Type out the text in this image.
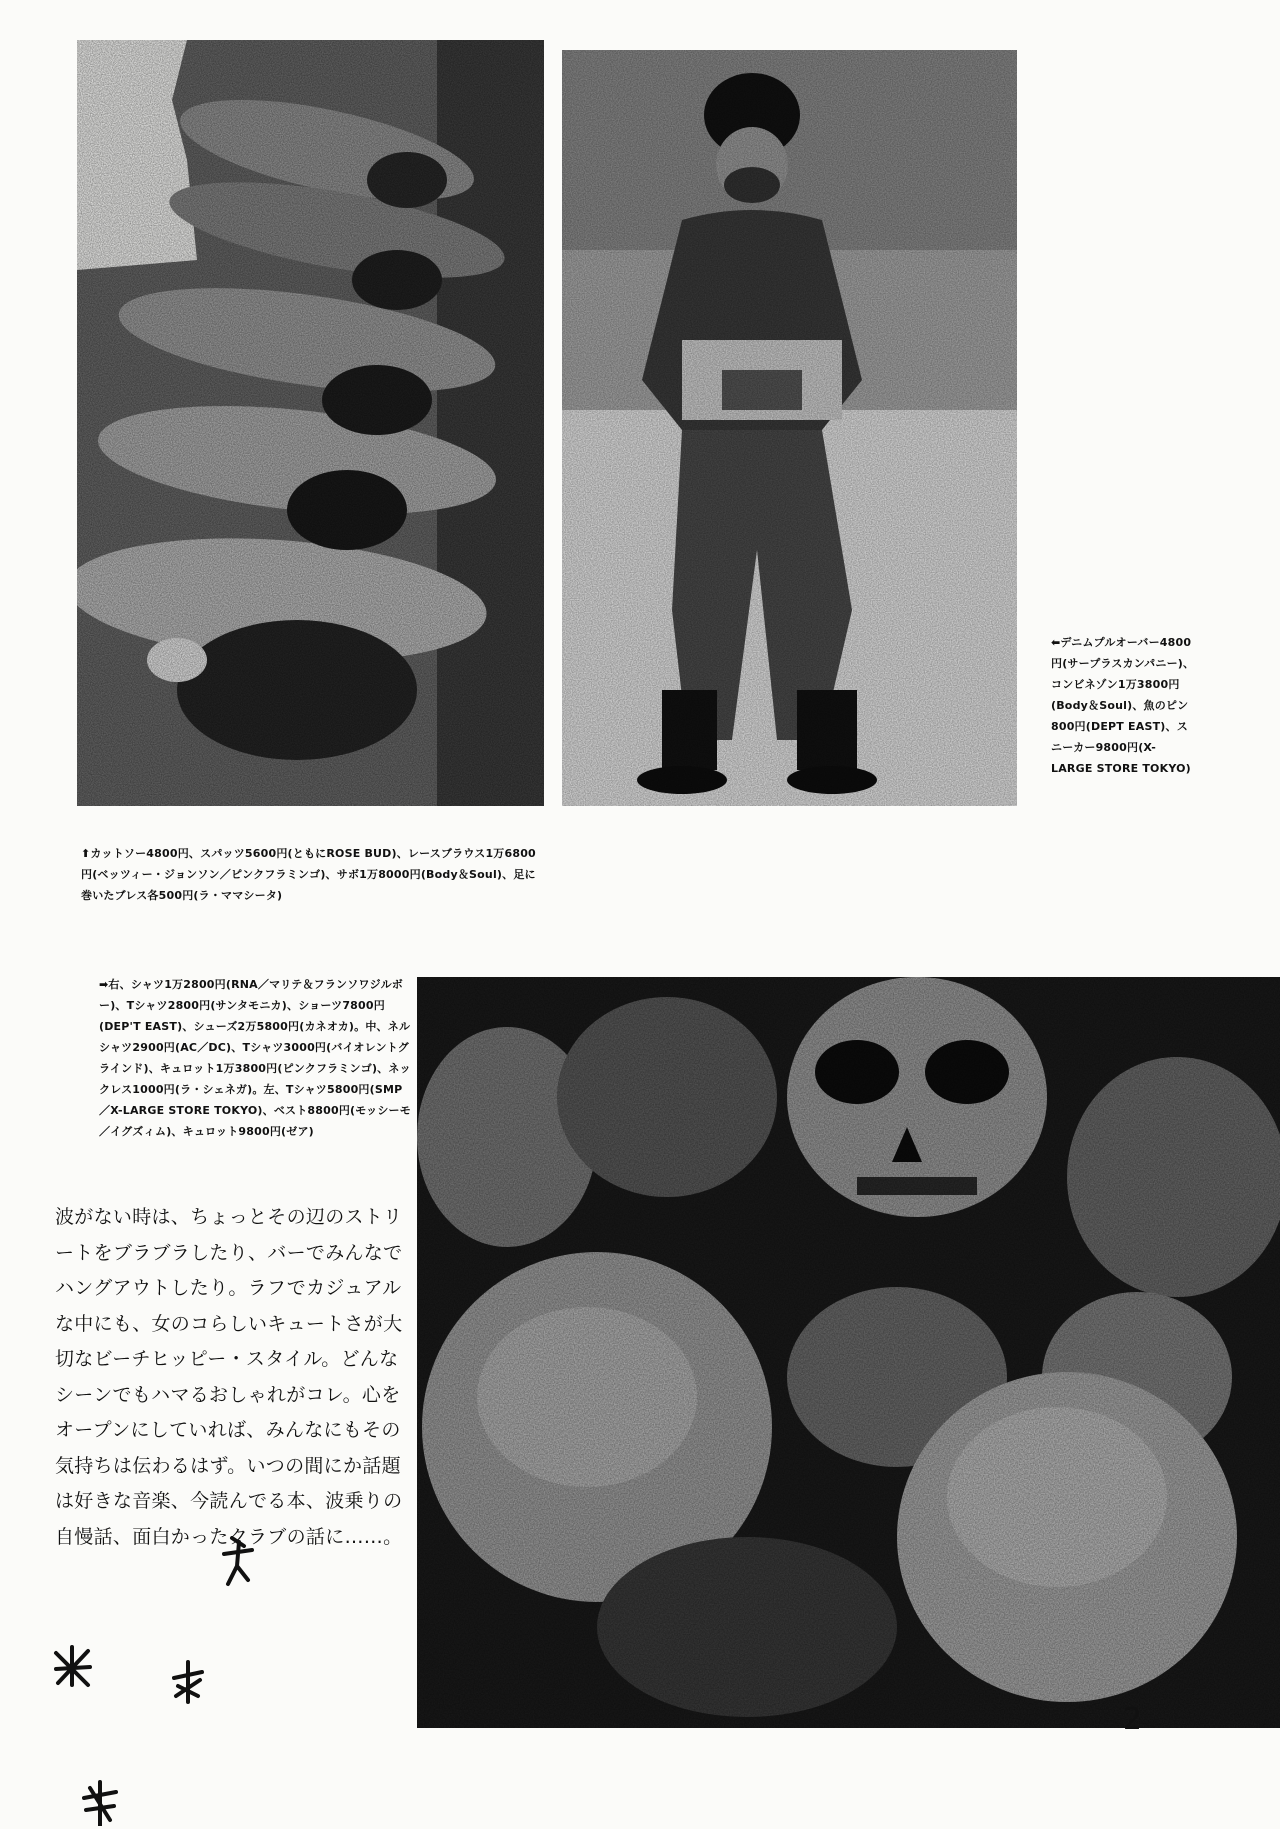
⬅デニムプルオーバー4800円(サープラスカンパニー)、コンビネゾン1万3800円(Body＆Soul)、魚のピン800円(DEPT EAST)、スニーカー9800円(X-LARGE STORE TOKYO)
⬆カットソー4800円、スパッツ5600円(ともにROSE BUD)、レースブラウス1万6800円(ベッツィー・ジョンソン／ピンクフラミンゴ)、サボ1万8000円(Body＆Soul)、足に巻いたブレス各500円(ラ・ママシータ)
➡右、シャツ1万2800円(RNA／マリテ＆フランソワジルボー)、Tシャツ2800円(サンタモニカ)、ショーツ7800円(DEP'T EAST)、シューズ2万5800円(カネオカ)。中、ネルシャツ2900円(AC／DC)、Tシャツ3000円(バイオレントグラインド)、キュロット1万3800円(ピンクフラミンゴ)、ネックレス1000円(ラ・シェネガ)。左、Tシャツ5800円(SMP／X-LARGE STORE TOKYO)、ベスト8800円(モッシーモ／イグズィム)、キュロット9800円(ゼア)
波がない時は、ちょっとその辺のストリートをブラブラしたり、バーでみんなでハングアウトしたり。ラフでカジュアルな中にも、女のコらしいキュートさが大切なビーチヒッピー・スタイル。どんなシーンでもハマるおしゃれがコレ。心をオープンにしていれば、みんなにもその気持ちは伝わるはず。いつの間にか話題は好きな音楽、今読んでる本、波乗りの自慢話、面白かったクラブの話に……。
2
